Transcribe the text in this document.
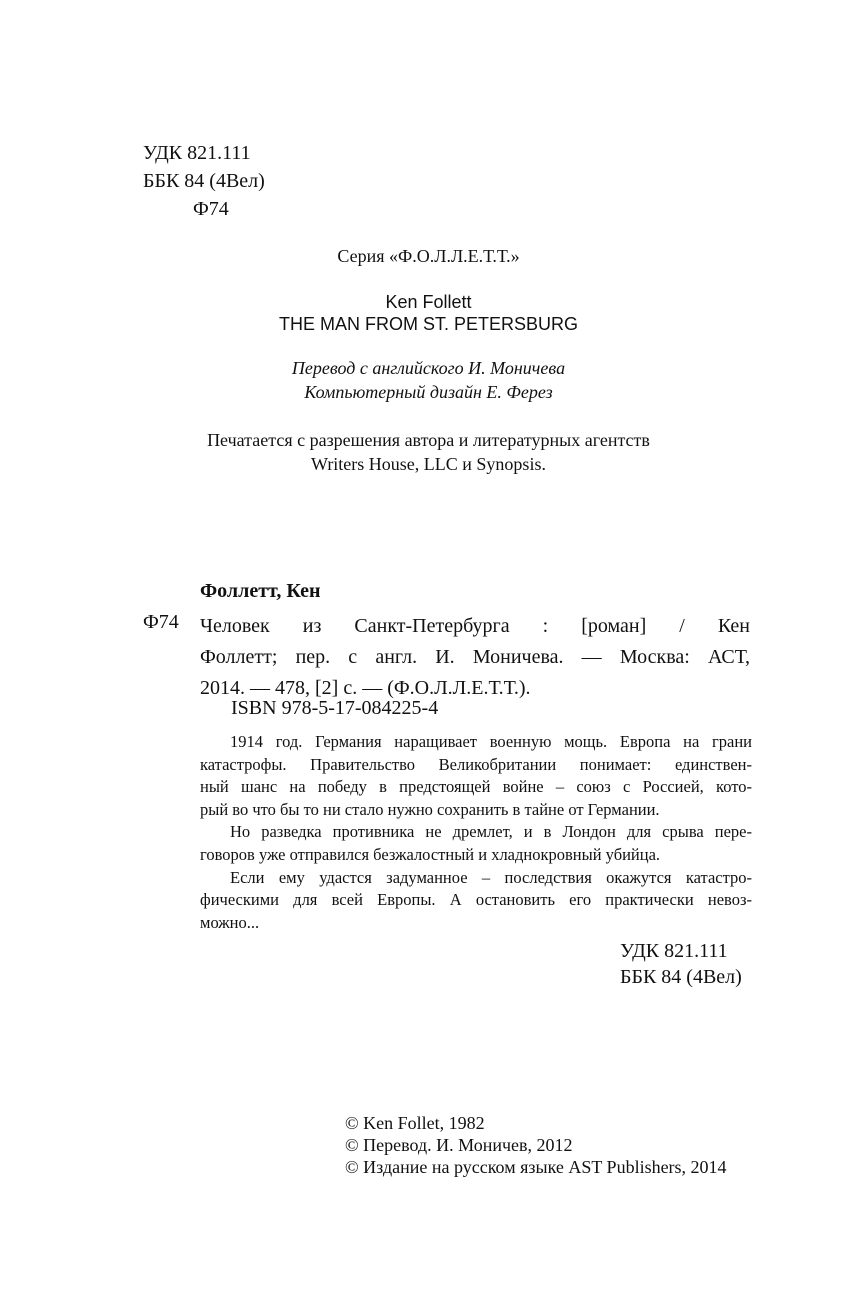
УДК 821.111
ББК 84 (4Вел)
Ф74
Серия «Ф.О.Л.Л.Е.Т.Т.»
Ken Follett
THE MAN FROM ST. PETERSBURG
Перевод с английского И. Моничева
Компьютерный дизайн Е. Ферез
Печатается с разрешения автора и литературных агентств
Writers House, LLC и Synopsis.
Фоллетт, Кен
Ф74 Человек из Санкт-Петербурга : [роман] / Кен
Фоллетт; пер. с англ. И. Моничева. — Москва: АСТ,
2014. — 478, [2] с. — (Ф.О.Л.Л.Е.Т.Т.).
ISBN 978-5-17-084225-4
1914 год. Германия наращивает военную мощь. Европа на грани
катастрофы. Правительство Великобритании понимает: единствен-
ный шанс на победу в предстоящей войне – союз с Россией, кото-
рый во что бы то ни стало нужно сохранить в тайне от Германии.
Но разведка противника не дремлет, и в Лондон для срыва пере-
говоров уже отправился безжалостный и хладнокровный убийца.
Если ему удастся задуманное – последствия окажутся катастро-
фическими для всей Европы. А остановить его практически невоз-
можно...
УДК 821.111
ББК 84 (4Вел)
© Ken Follet, 1982
© Перевод. И. Моничев, 2012
© Издание на русском языке AST Publishers, 2014
